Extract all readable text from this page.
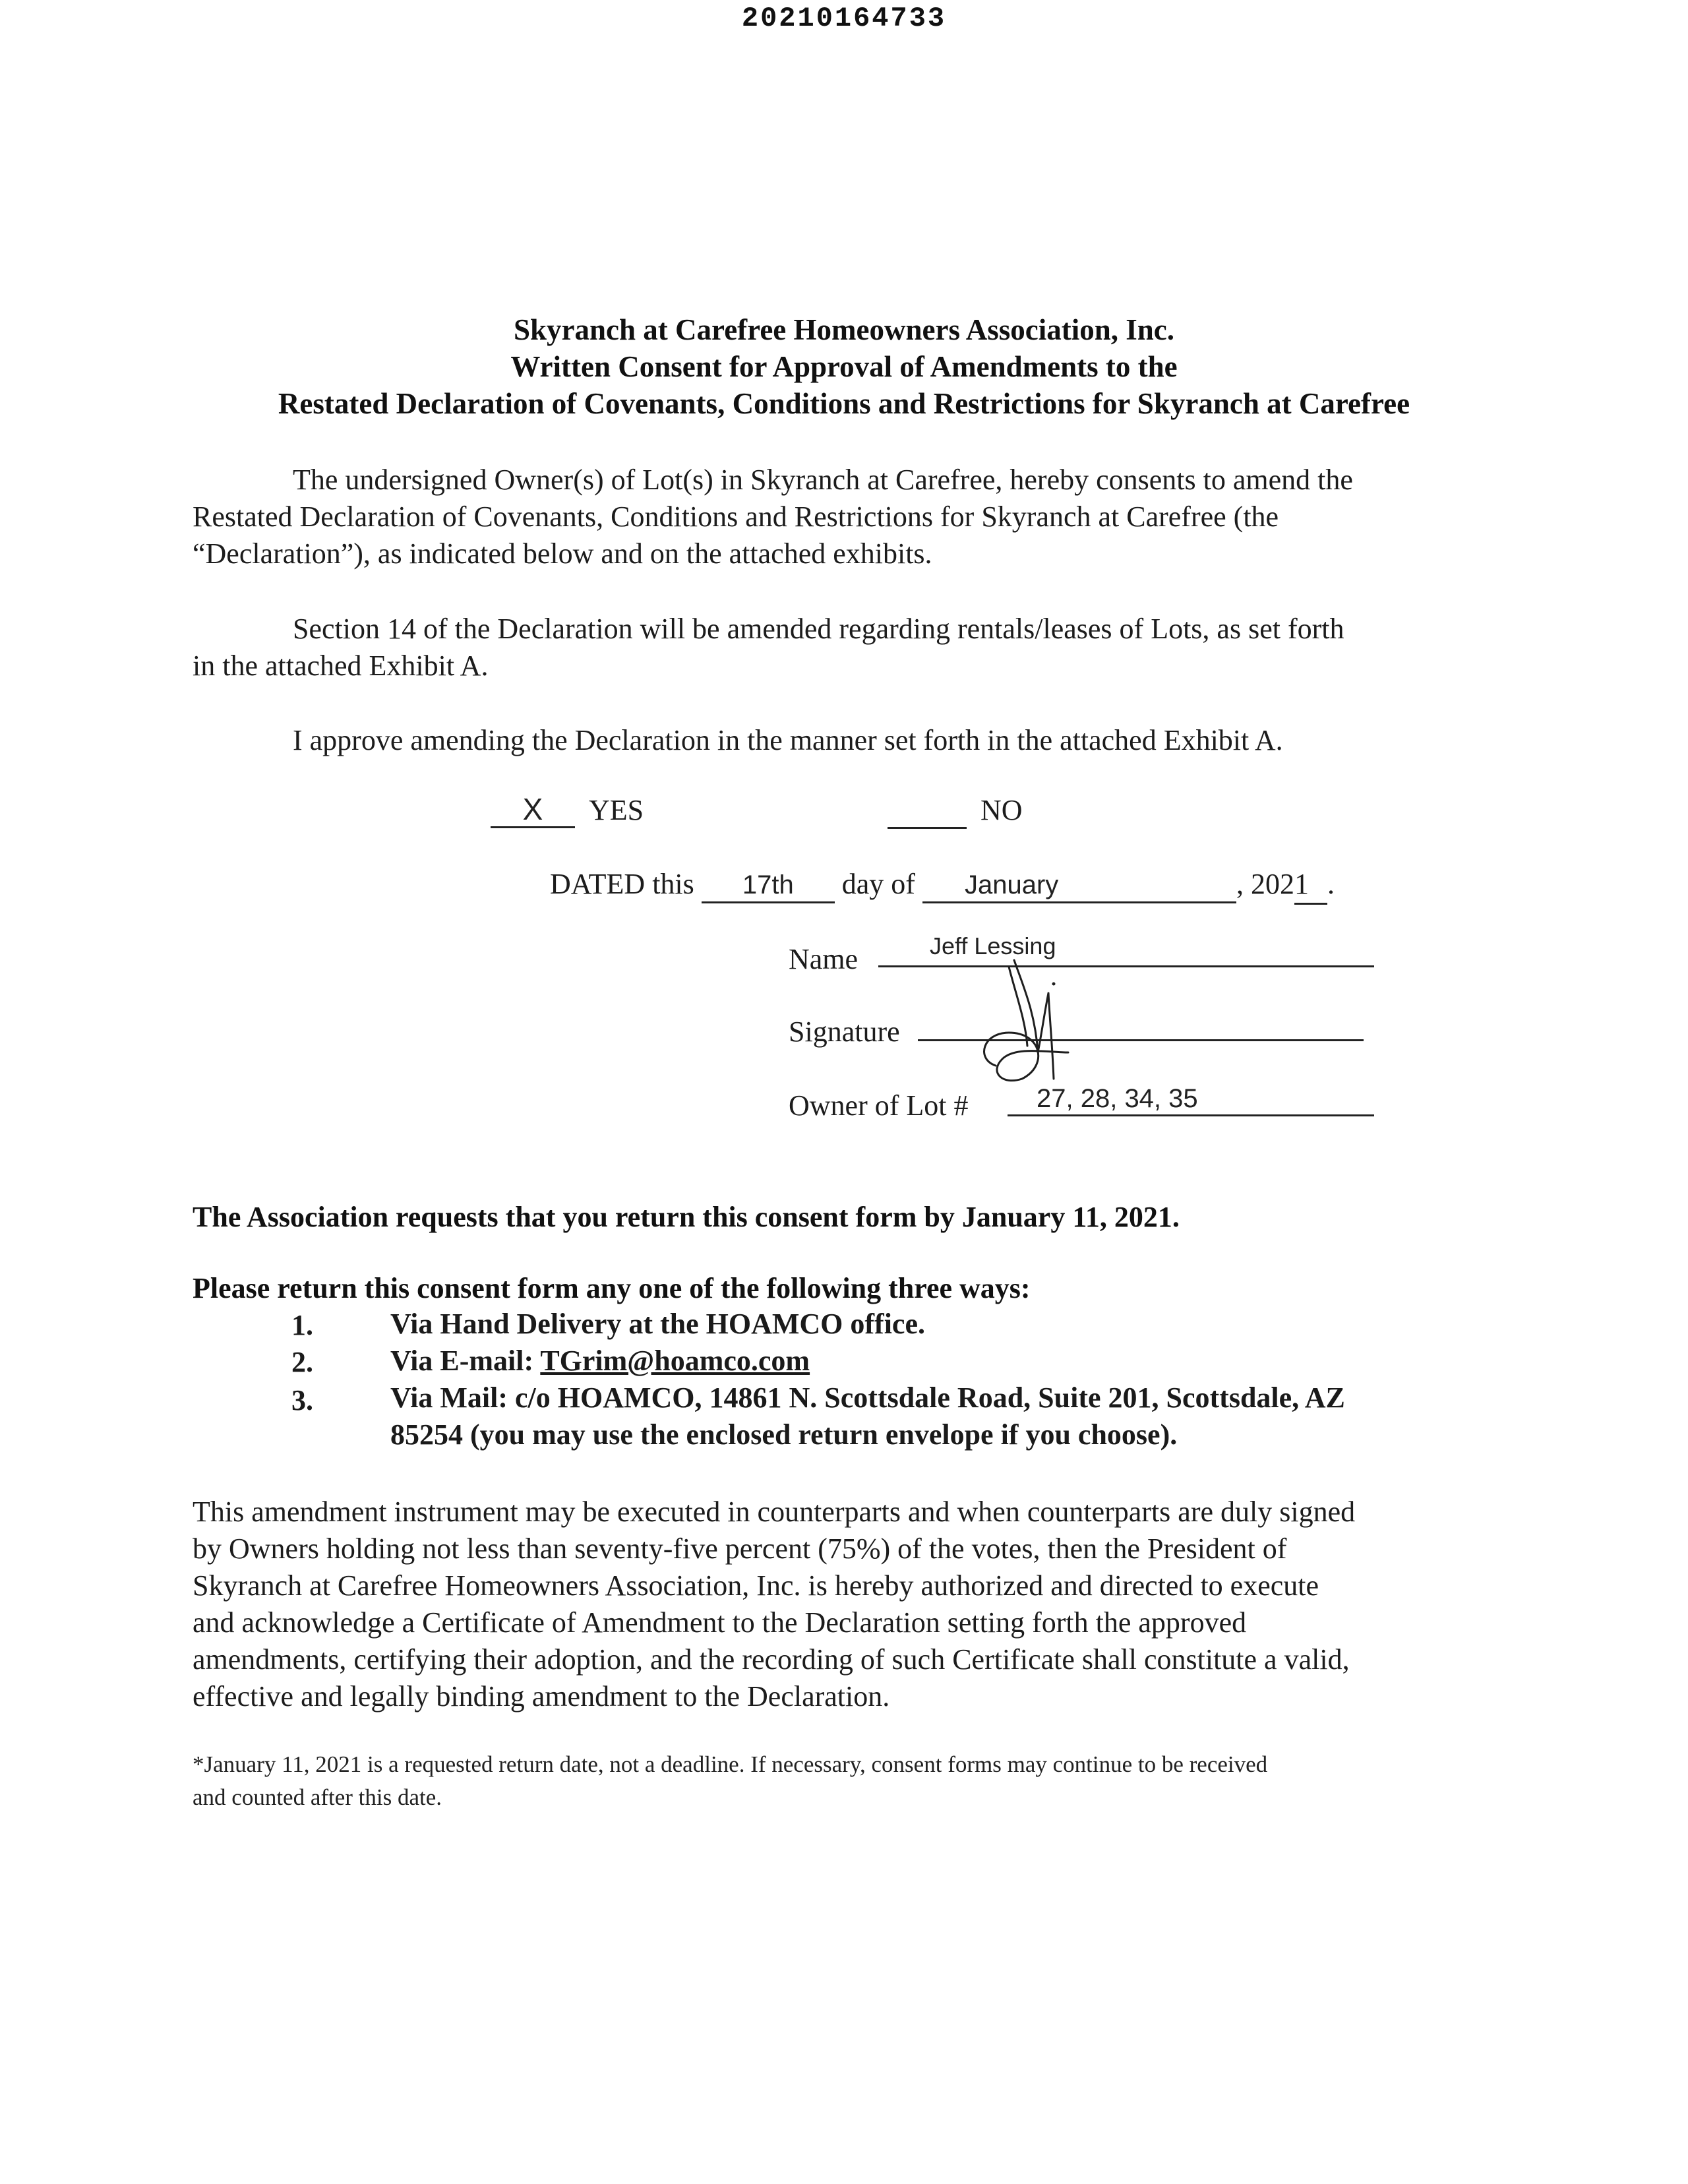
20210164733
Skyranch at Carefree Homeowners Association, Inc.
Written Consent for Approval of Amendments to the
Restated Declaration of Covenants, Conditions and Restrictions for Skyranch at Carefree
The undersigned Owner(s) of Lot(s) in Skyranch at Carefree, hereby consents to amend the
Restated Declaration of Covenants, Conditions and Restrictions for Skyranch at Carefree (the
“Declaration”), as indicated below and on the attached exhibits.
Section 14 of the Declaration will be amended regarding rentals/leases of Lots, as set forth
in the attached Exhibit A.
I approve amending the Declaration in the manner set forth in the attached Exhibit A.
X YES	NO
DATED this 17th day of January	, 2021 .
Name	Jeff Lessing
Signature
Owner of Lot #	27, 28, 34, 35
The Association requests that you return this consent form by January 11, 2021.
Please return this consent form any one of the following three ways:
1.	Via Hand Delivery at the HOAMCO office.
2.	Via E-mail: TGrim@hoamco.com
3.	Via Mail: c/o HOAMCO, 14861 N. Scottsdale Road, Suite 201, Scottsdale, AZ
85254 (you may use the enclosed return envelope if you choose).
This amendment instrument may be executed in counterparts and when counterparts are duly signed
by Owners holding not less than seventy-five percent (75%) of the votes, then the President of
Skyranch at Carefree Homeowners Association, Inc. is hereby authorized and directed to execute
and acknowledge a Certificate of Amendment to the Declaration setting forth the approved
amendments, certifying their adoption, and the recording of such Certificate shall constitute a valid,
effective and legally binding amendment to the Declaration.
*January 11, 2021 is a requested return date, not a deadline. If necessary, consent forms may continue to be received
and counted after this date.
